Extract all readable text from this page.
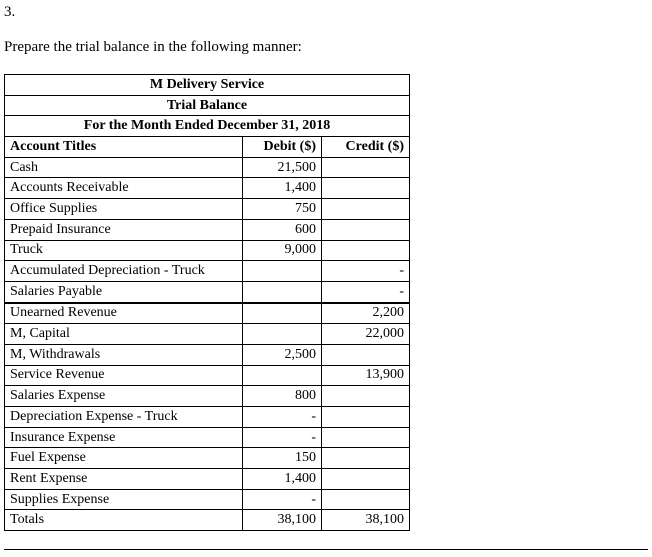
3.
Prepare the trial balance in the following manner:
M Delivery Service		
Trial Balance		
For the Month Ended December 31, 2018		
Account Titles	Debit ($)	Credit ($)
Cash	21,500	
Accounts Receivable	1,400	
Office Supplies	750	
Prepaid Insurance	600	
Truck	9,000	
Accumulated Depreciation - Truck		-
Salaries Payable		-
Unearned Revenue		2,200
M, Capital		22,000
M, Withdrawals	2,500	
Service Revenue		13,900
Salaries Expense	800	
Depreciation Expense - Truck	-	
Insurance Expense	-	
Fuel Expense	150	
Rent Expense	1,400	
Supplies Expense	-	
Totals	38,100	38,100
